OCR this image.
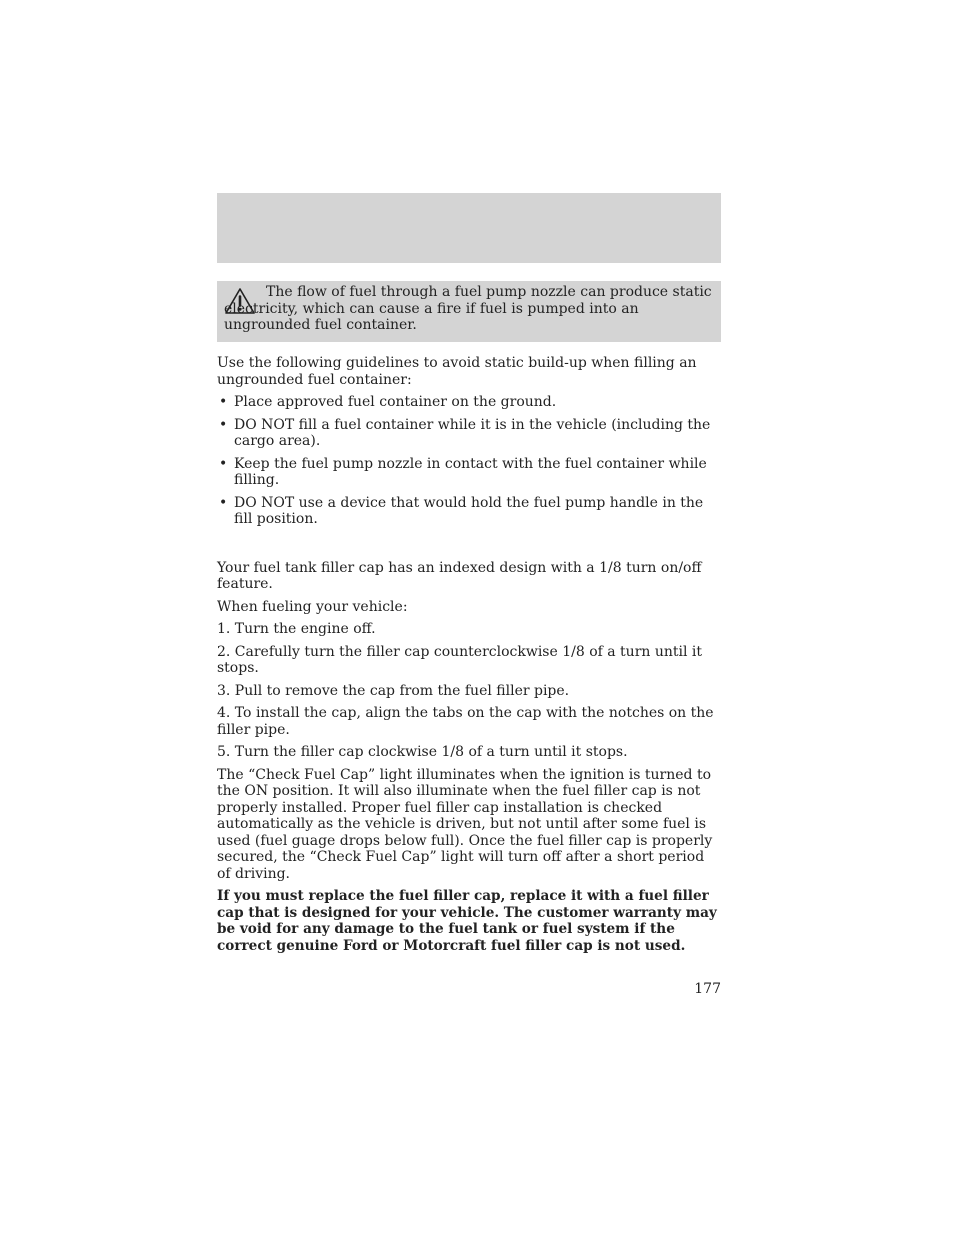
The flow of fuel through a fuel pump nozzle can produce static electricity, which can cause a fire if fuel is pumped into an ungrounded fuel container.

Use the following guidelines to avoid static build-up when filling an ungrounded fuel container:

• Place approved fuel container on the ground.
• DO NOT fill a fuel container while it is in the vehicle (including the cargo area).
• Keep the fuel pump nozzle in contact with the fuel container while filling.
• DO NOT use a device that would hold the fuel pump handle in the fill position.

Your fuel tank filler cap has an indexed design with a 1/8 turn on/off feature.

When fueling your vehicle:

1. Turn the engine off.

2. Carefully turn the filler cap counterclockwise 1/8 of a turn until it stops.

3. Pull to remove the cap from the fuel filler pipe.

4. To install the cap, align the tabs on the cap with the notches on the filler pipe.

5. Turn the filler cap clockwise 1/8 of a turn until it stops.

The “Check Fuel Cap” light illuminates when the ignition is turned to the ON position. It will also illuminate when the fuel filler cap is not properly installed. Proper fuel filler cap installation is checked automatically as the vehicle is driven, but not until after some fuel is used (fuel guage drops below full). Once the fuel filler cap is properly secured, the “Check Fuel Cap” light will turn off after a short period of driving.

If you must replace the fuel filler cap, replace it with a fuel filler cap that is designed for your vehicle. The customer warranty may be void for any damage to the fuel tank or fuel system if the correct genuine Ford or Motorcraft fuel filler cap is not used.

177
